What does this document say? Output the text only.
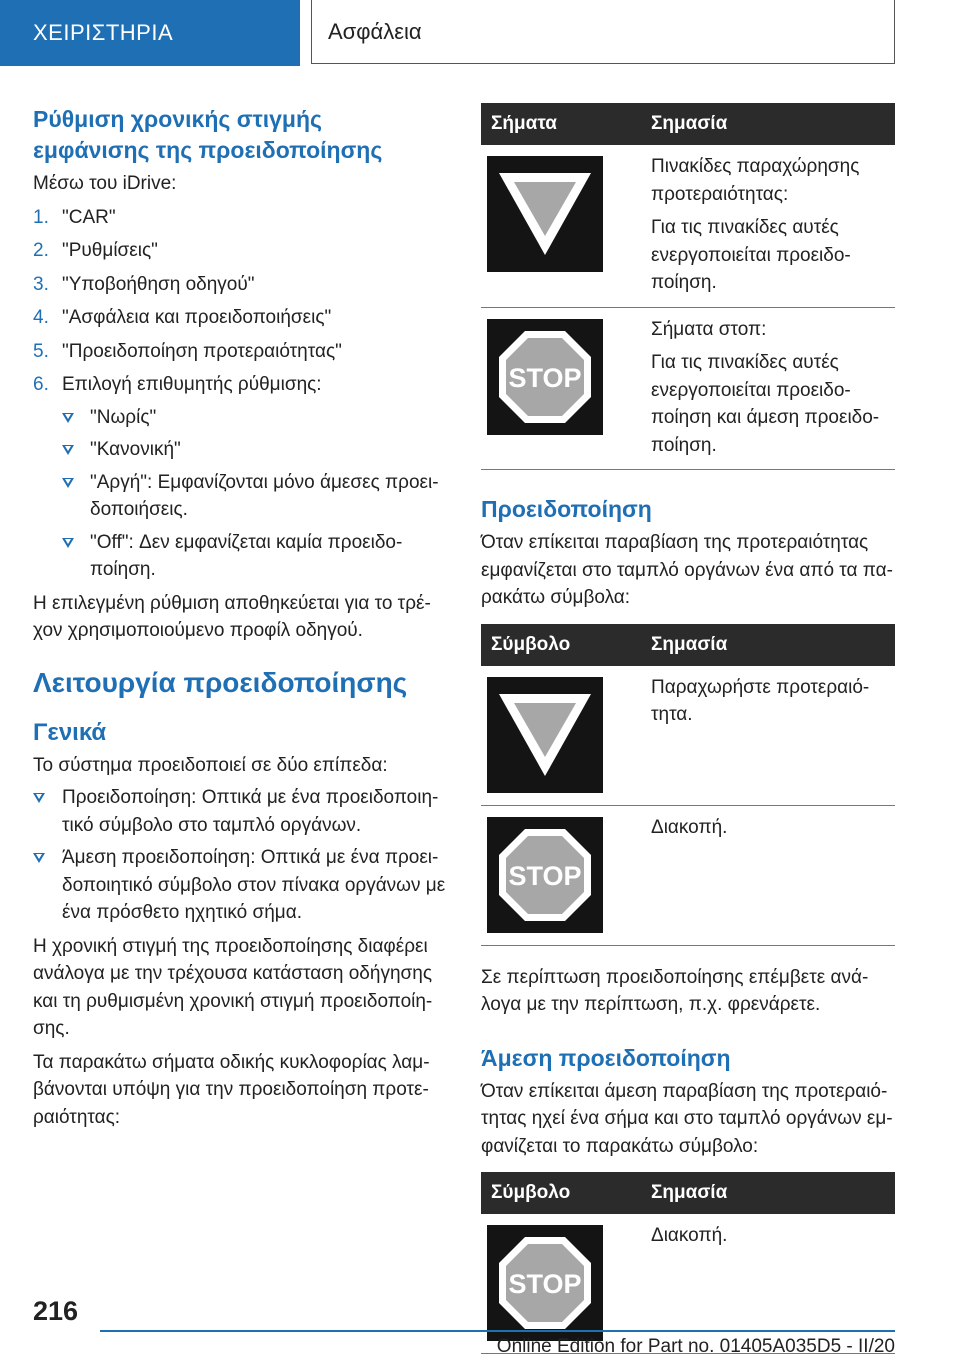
ΧΕΙΡΙΣΤΗΡΙΑ	Ασφάλεια
Ρύθμιση χρονικής στιγμής
εμφάνισης της προειδοποίησης

Μέσω του iDrive:

1. "CAR"
2. "Ρυθμίσεις"
3. "Υποβοήθηση οδηγού"
4. "Ασφάλεια και προειδοποιήσεις"
5. "Προειδοποίηση προτεραιότητας"
6. Επιλογή επιθυμητής ρύθμισης:
"Νωρίς"
"Κανονική"
"Αργή": Εμφανίζονται μόνο άμεσες προει-
δοποιήσεις.
"Off": Δεν εμφανίζεται καμία προειδο-
ποίηση.

Η επιλεγμένη ρύθμιση αποθηκεύεται για το τρέ-
χον χρησιμοποιούμενο προφίλ οδηγού.

Λειτουργία προειδοποίησης
Γενικά

Το σύστημα προειδοποιεί σε δύο επίπεδα:

Προειδοποίηση: Οπτικά με ένα προειδοποιη-
τικό σύμβολο στο ταμπλό οργάνων.
Άμεση προειδοποίηση: Οπτικά με ένα προει-
δοποιητικό σύμβολο στον πίνακα οργάνων με
ένα πρόσθετο ηχητικό σήμα.

Η χρονική στιγμή της προειδοποίησης διαφέρει
ανάλογα με την τρέχουσα κατάσταση οδήγησης
και τη ρυθμισμένη χρονική στιγμή προειδοποίη-
σης.

Τα παρακάτω σήματα οδικής κυκλοφορίας λαμ-
βάνονται υπόψη για την προειδοποίηση προτε-
ραιότητας:

Σήματα	Σημασία

Πινακίδες παραχώρησης
προτεραιότητας:
Για τις πινακίδες αυτές
ενεργοποιείται προειδο-
ποίηση.

STOP	Σήματα στοπ:
Για τις πινακίδες αυτές
ενεργοποιείται προειδο-
ποίηση και άμεση προειδο-
ποίηση.
Προειδοποίηση

Όταν επίκειται παραβίαση της προτεραιότητας
εμφανίζεται στο ταμπλό οργάνων ένα από τα πα-
ρακάτω σύμβολα:

Σύμβολο	Σημασία

Παραχωρήστε προτεραιό-
τητα.

STOP	Διακοπή.

Σε περίπτωση προειδοποίησης επέμβετε ανά-
λογα με την περίπτωση, π.χ. φρενάρετε.

Άμεση προειδοποίηση

Όταν επίκειται άμεση παραβίαση της προτεραιό-
τητας ηχεί ένα σήμα και στο ταμπλό οργάνων εμ-
φανίζεται το παρακάτω σύμβολο:

Σύμβολο	Σημασία

STOP	Διακοπή.
216
Online Edition for Part no. 01405A035D5 - II/20
